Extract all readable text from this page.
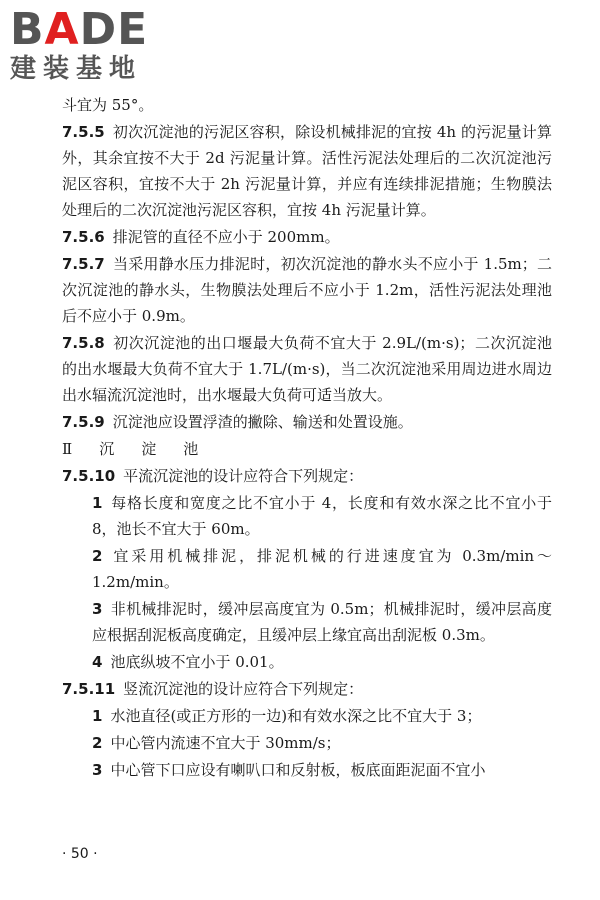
BADE
建装基地

斗宜为 55°。

7.5.5 初次沉淀池的污泥区容积，除设机械排泥的宜按 4h 的污泥量计算外，其余宜按不大于 2d 污泥量计算。活性污泥法处理后的二次沉淀池污泥区容积，宜按不大于 2h 污泥量计算，并应有连续排泥措施；生物膜法处理后的二次沉淀池污泥区容积，宜按 4h 污泥量计算。

7.5.6 排泥管的直径不应小于 200mm。

7.5.7 当采用静水压力排泥时，初次沉淀池的静水头不应小于 1.5m；二次沉淀池的静水头，生物膜法处理后不应小于 1.2m，活性污泥法处理池后不应小于 0.9m。

7.5.8 初次沉淀池的出口堰最大负荷不宜大于 2.9L/(m·s)；二次沉淀池的出水堰最大负荷不宜大于 1.7L/(m·s)，当二次沉淀池采用周边进水周边出水辐流沉淀池时，出水堰最大负荷可适当放大。

7.5.9 沉淀池应设置浮渣的撇除、输送和处置设施。

Ⅱ　沉　淀　池

7.5.10 平流沉淀池的设计应符合下列规定：

1 每格长度和宽度之比不宜小于 4，长度和有效水深之比不宜小于 8，池长不宜大于 60m。

2 宜采用机械排泥，排泥机械的行进速度宜为 0.3m/min～1.2m/min。

3 非机械排泥时，缓冲层高度宜为 0.5m；机械排泥时，缓冲层高度应根据刮泥板高度确定，且缓冲层上缘宜高出刮泥板 0.3m。

4 池底纵坡不宜小于 0.01。

7.5.11 竖流沉淀池的设计应符合下列规定：

1 水池直径(或正方形的一边)和有效水深之比不宜大于 3；

2 中心管内流速不宜大于 30mm/s；

3 中心管下口应设有喇叭口和反射板，板底面距泥面不宜小

· 50 ·
